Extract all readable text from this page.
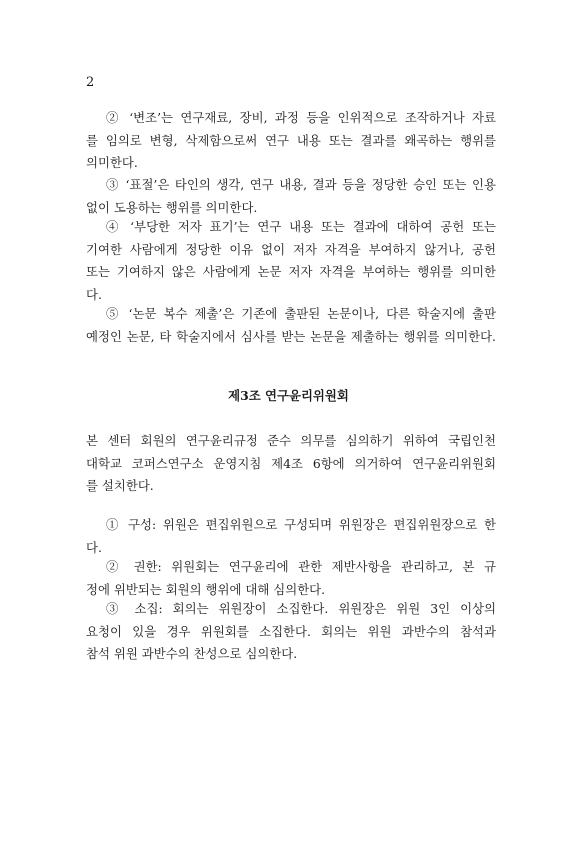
2
② ‘변조’는 연구재료, 장비, 과정 등을 인위적으로 조작하거나 자료
를 임의로 변형, 삭제함으로써 연구 내용 또는 결과를 왜곡하는 행위를
의미한다.
③ ‘표절’은 타인의 생각, 연구 내용, 결과 등을 정당한 승인 또는 인용
없이 도용하는 행위를 의미한다.
④ ‘부당한 저자 표기’는 연구 내용 또는 결과에 대하여 공헌 또는
기여한 사람에게 정당한 이유 없이 저자 자격을 부여하지 않거나, 공헌
또는 기여하지 않은 사람에게 논문 저자 자격을 부여하는 행위를 의미한
다.
⑤ ‘논문 복수 제출’은 기존에 출판된 논문이나, 다른 학술지에 출판
예정인 논문, 타 학술지에서 심사를 받는 논문을 제출하는 행위를 의미한다.
제3조 연구윤리위원회
본 센터 회원의 연구윤리규정 준수 의무를 심의하기 위하여 국립인천
대학교 코퍼스연구소 운영지침 제4조 6항에 의거하여 연구윤리위원회
를 설치한다.
① 구성: 위원은 편집위원으로 구성되며 위원장은 편집위원장으로 한
다.
② 권한: 위원회는 연구윤리에 관한 제반사항을 관리하고, 본 규
정에 위반되는 회원의 행위에 대해 심의한다.
③ 소집: 회의는 위원장이 소집한다. 위원장은 위원 3인 이상의
요청이 있을 경우 위원회를 소집한다. 회의는 위원 과반수의 참석과
참석 위원 과반수의 찬성으로 심의한다.
